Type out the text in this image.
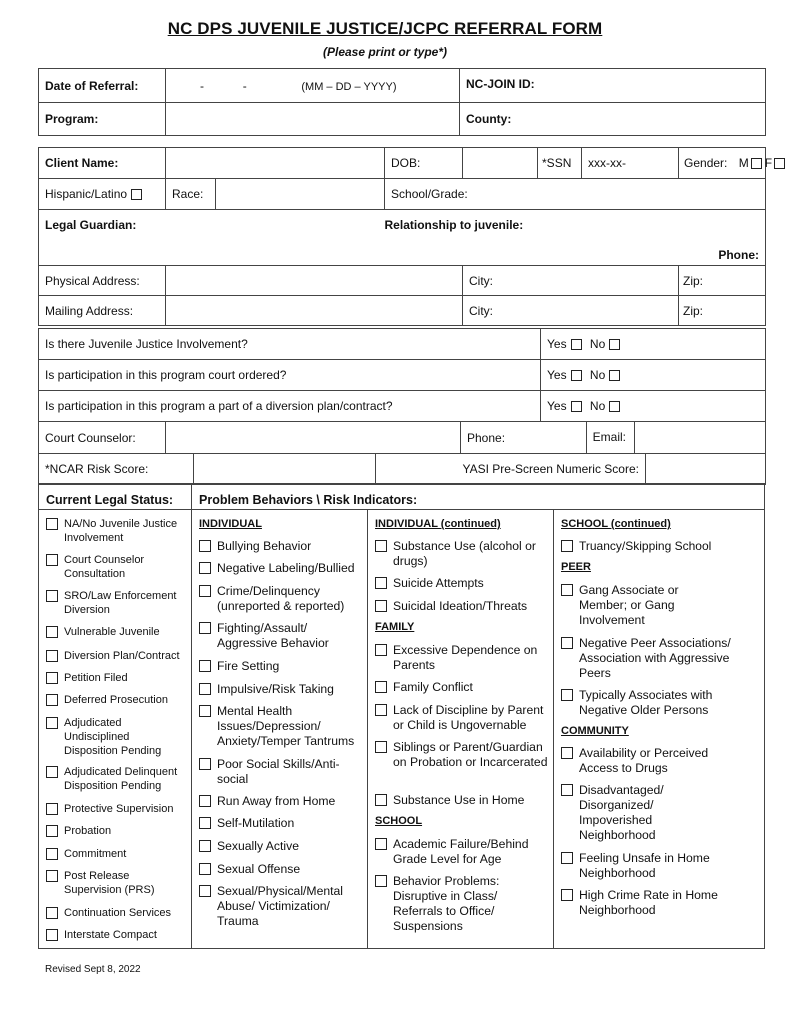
NC DPS JUVENILE JUSTICE/JCPC REFERRAL FORM
(Please print or type*)
Date of Referral:	- - (MM – DD – YYYY)	NC-JOIN ID:
Program:		County:
Client Name:			DOB:		*SSN	xxx-xx-	Gender: M F
Hispanic/Latino	Race:		School/Grade:				
Legal Guardian:			Relationship to juvenile:
Phone:				

Physical Address:				City:			Zip:
Mailing Address:				City:			Zip:
Is there Juvenile Justice Involvement?					Yes No		
Is participation in this program court ordered?					Yes No		
Is participation in this program a part of a diversion plan/contract?					Yes No		
Court Counselor:				Phone:		Email:	
*NCAR Risk Score:			YASI Pre-Screen Numeric Score:				
Current Legal Status:
NA/No Juvenile Justice Involvement
Court Counselor Consultation
SRO/Law Enforcement Diversion
Vulnerable Juvenile
Diversion Plan/Contract
Petition Filed
Deferred Prosecution
Adjudicated Undisciplined Disposition Pending
Adjudicated Delinquent Disposition Pending
Protective Supervision
Probation
Commitment
Post Release Supervision (PRS)
Continuation Services
Interstate Compact
Problem Behaviors \ Risk Indicators:
INDIVIDUAL
Bullying Behavior
Negative Labeling/Bullied
Crime/Delinquency (unreported & reported)
Fighting/Assault/ Aggressive Behavior
Fire Setting
Impulsive/Risk Taking
Mental Health Issues/Depression/ Anxiety/Temper Tantrums
Poor Social Skills/Anti-social
Run Away from Home
Self-Mutilation
Sexually Active
Sexual Offense
Sexual/Physical/Mental Abuse/ Victimization/ Trauma
INDIVIDUAL (continued)
Substance Use (alcohol or drugs)
Suicide Attempts
Suicidal Ideation/Threats
FAMILY
Excessive Dependence on Parents
Family Conflict
Lack of Discipline by Parent or Child is Ungovernable
Siblings or Parent/Guardian on Probation or Incarcerated
Substance Use in Home
SCHOOL
Academic Failure/Behind Grade Level for Age
Behavior Problems: Disruptive in Class/ Referrals to Office/ Suspensions
SCHOOL (continued)
Truancy/Skipping School
PEER
Gang Associate or Member; or Gang Involvement
Negative Peer Associations/ Association with Aggressive Peers
Typically Associates with Negative Older Persons
COMMUNITY
Availability or Perceived Access to Drugs
Disadvantaged/ Disorganized/ Impoverished Neighborhood
Feeling Unsafe in Home Neighborhood
High Crime Rate in Home Neighborhood
Revised Sept 8, 2022
